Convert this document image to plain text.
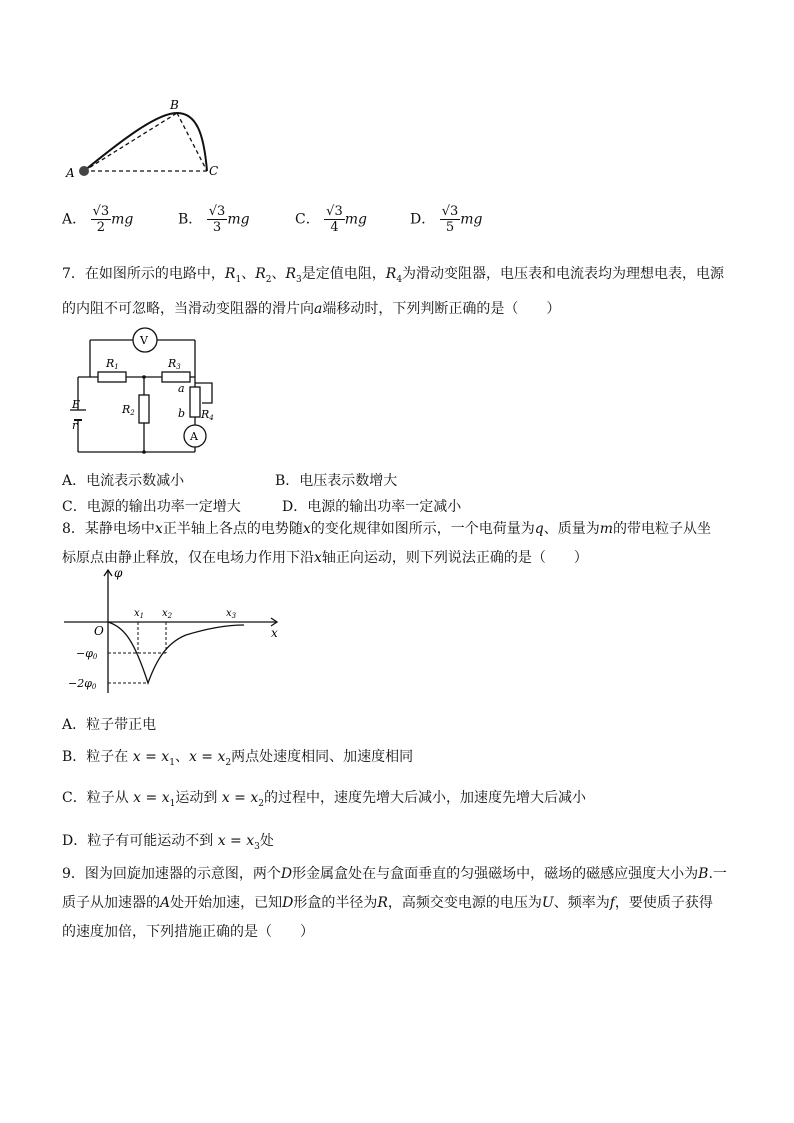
A
B
C
A． $\frac{√3}{2}$ mg	B． $\frac{√3}{3}$ mg	C． $\frac{√3}{4}$ mg	D． $\frac{√3}{5}$ mg
7．在如图所示的电路中，$R_1$、$R_2$、$R_3$是定值电阻，$R_4$为滑动变阻器，电压表和电流表均为理想电表，电源
的内阻不可忽略，当滑动变阻器的滑片向a端移动时，下列判断正确的是（　　）
V
A
R1	R3
R2	R4
a
b
E
r
A．电流表示数减小	B．电压表示数增大
C．电源的输出功率一定增大	D．电源的输出功率一定减小
8．某静电场中x正半轴上各点的电势随x的变化规律如图所示，一个电荷量为q、质量为m的带电粒子从坐
标原点由静止释放，仅在电场力作用下沿x轴正向运动，则下列说法正确的是（　　）
φ
O	x
$x_1$ $x_2$	$x_3$
−φ0
−2φ0
A．粒子带正电
B．粒子在 $x = x_1$、$x = x_2$两点处速度相同、加速度相同
C．粒子从 $x = x_1$运动到 $x = x_2$的过程中，速度先增大后减小，加速度先增大后减小
D．粒子有可能运动不到 $x = x_3$处
9．图为回旋加速器的示意图，两个D形金属盒处在与盒面垂直的匀强磁场中，磁场的磁感应强度大小为B.一
质子从加速器的A处开始加速，已知D形盒的半径为R，高频交变电源的电压为U、频率为f，要使质子获得
的速度加倍，下列措施正确的是（　　）
